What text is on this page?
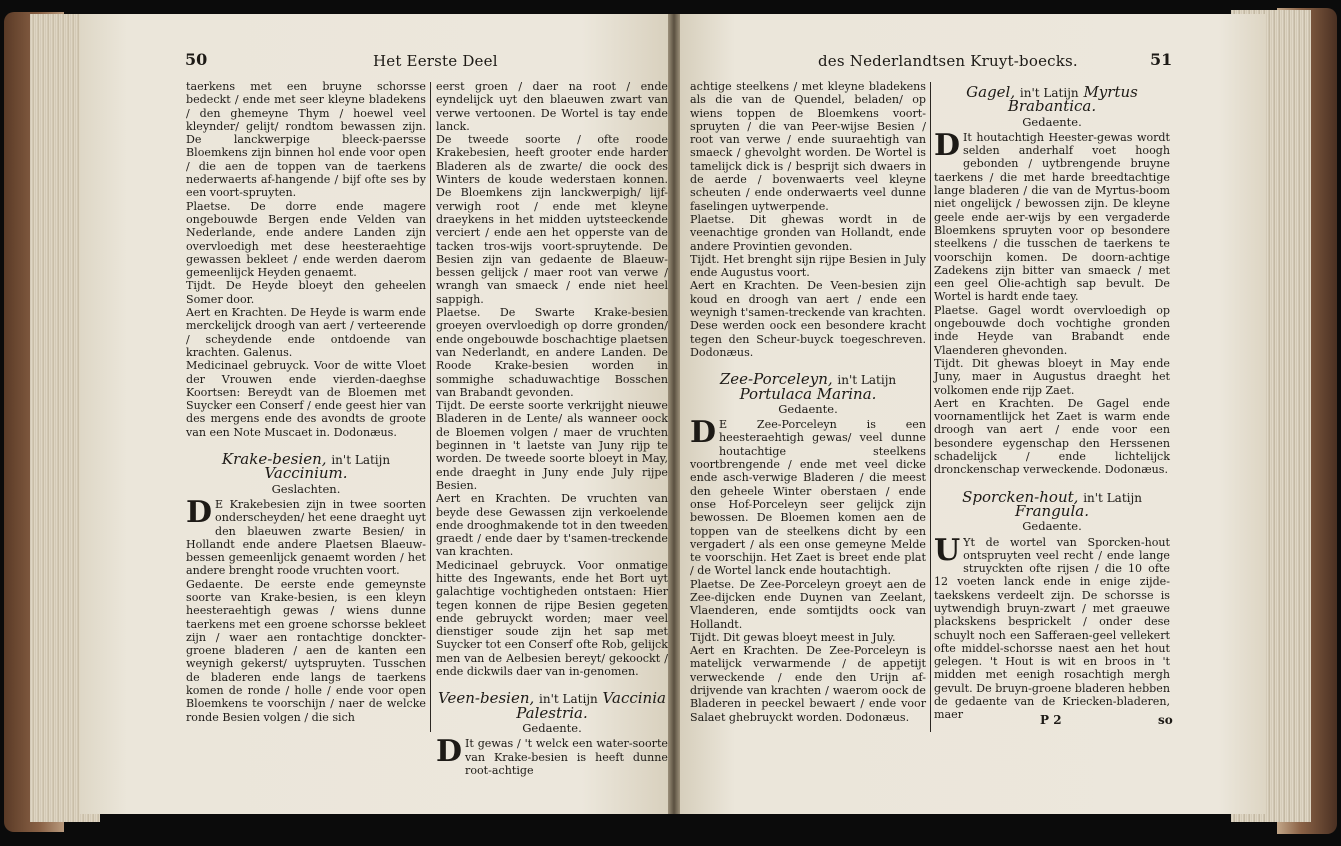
50	Het Eerste Deel	des Nederlandtsen Kruyt-boecks.	51

taerkens met een bruyne schorsse bedeckt / ende met seer kleyne bladekens / den ghemeyne Thym / hoewel veel kleynder/ gelijt/ rondtom bewassen zijn. De lanckwerpige bleeck-paersse Bloemkens zijn binnen hol ende voor open / die aen de toppen van de taerkens nederwaerts af-hangende / bijf ofte ses by een voort-spruyten.

Plaetse. De dorre ende magere ongebouwde Bergen ende Velden van Nederlande, ende andere Landen zijn overvloedigh met dese heesteraehtige gewassen bekleet / ende werden daerom gemeenlijck Heyden genaemt.

Tijdt. De Heyde bloeyt den geheelen Somer door.

Aert en Krachten. De Heyde is warm ende merckelijck droogh van aert / verteerende / scheydende ende ontdoende van krachten. Galenus.

Medicinael gebruyck. Voor de witte Vloet der Vrouwen ende vierden-daeghse Koortsen: Bereydt van de Bloemen met Suycker een Conserf / ende geest hier van des mergens ende des avondts de groote van een Note Muscaet in. Dodonæus.

Krake-besien, in't Latijn Vaccinium.
Geslachten.

D E Krakebesien zijn in twee soorten onderscheyden/ het eene draeght uyt den blaeuwen zwarte Besien/ in Hollandt ende andere Plaetsen Blaeuw-bessen gemeenlijck genaemt worden / het andere brenght roode vruchten voort.

Gedaente. De eerste ende gemeynste soorte van Krake-besien, is een kleyn heesteraehtigh gewas / wiens dunne taerkens met een groene schorsse bekleet zijn / waer aen rontachtige donckter-groene bladeren / aen de kanten een weynigh gekerst/ uytspruyten. Tusschen de bladeren ende langs de taerkens komen de ronde / holle / ende voor open Bloemkens te voorschijn / naer de welcke ronde Besien volgen / die sich

eerst groen / daer na root / ende eyndelijck uyt den blaeuwen zwart van verwe vertoonen. De Wortel is tay ende lanck.

De tweede soorte / ofte roode Krakebesien, heeft grooter ende harder Bladeren als de zwarte/ die oock des Winters de koude wederstaen konnen. De Bloemkens zijn lanckwerpigh/ lijf-verwigh root / ende met kleyne draeykens in het midden uytsteeckende verciert / ende aen het opperste van de tacken tros-wijs voort-spruytende. De Besien zijn van gedaente de Blaeuw-bessen gelijck / maer root van verwe / wrangh van smaeck / ende niet heel sappigh.

Plaetse. De Swarte Krake-besien groeyen overvloedigh op dorre gronden/ ende ongebouwde boschachtige plaetsen van Nederlandt, en andere Landen. De Roode Krake-besien worden in sommighe schaduwachtige Bosschen van Brabandt gevonden.

Tijdt. De eerste soorte verkrijght nieuwe Bladeren in de Lente/ als wanneer oock de Bloemen volgen / maer de vruchten beginnen in 't laetste van Juny rijp te worden. De tweede soorte bloeyt in May, ende draeght in Juny ende July rijpe Besien.

Aert en Krachten. De vruchten van beyde dese Gewassen zijn verkoelende ende drooghmakende tot in den tweeden graedt / ende daer by t'samen-treckende van krachten.

Medicinael gebruyck. Voor onmatige hitte des Ingewants, ende het Bort uyt galachtige vochtigheden ontstaen: Hier tegen konnen de rijpe Besien gegeten ende gebruyckt worden; maer veel dienstiger soude zijn het sap met Suycker tot een Conserf ofte Rob, gelijck men van de Aelbesien bereyt/ gekoockt / ende dickwils daer van in-genomen.

Veen-besien, in't Latijn Vaccinia Palestria.
Gedaente.

D It gewas / 't welck een water-soorte van Krake-besien is heeft dunne root-achtige

achtige steelkens / met kleyne bladekens als die van de Quendel, beladen/ op wiens toppen de Bloemkens voort-spruyten / die van Peer-wijse Besien / root van verwe / ende suuraehtigh van smaeck / ghevolght worden. De Wortel is tamelijck dick is / besprijt sich dwaers in de aerde / bovenwaerts veel kleyne scheuten / ende onderwaerts veel dunne faselingen uytwerpende.

Plaetse. Dit ghewas wordt in de veenachtige gronden van Hollandt, ende andere Provintien gevonden.

Tijdt. Het brenght sijn rijpe Besien in July ende Augustus voort.

Aert en Krachten. De Veen-besien zijn koud en droogh van aert / ende een weynigh t'samen-treckende van krachten. Dese werden oock een besondere kracht tegen den Scheur-buyck toegeschreven. Dodonæus.

Zee-Porceleyn, in't Latijn Portulaca Marina.
Gedaente.

D E Zee-Porceleyn is een heesteraehtigh gewas/ veel dunne houtachtige steelkens voortbrengende / ende met veel dicke ende asch-verwige Bladeren / die meest den geheele Winter oberstaen / ende onse Hof-Porceleyn seer gelijck zijn bewossen. De Bloemen komen aen de toppen van de steelkens dicht by een vergadert / als een onse gemeyne Melde te voorschijn. Het Zaet is breet ende plat / de Wortel lanck ende houtachtigh.

Plaetse. De Zee-Porceleyn groeyt aen de Zee-dijcken ende Duynen van Zeelant, Vlaenderen, ende somtijdts oock van Hollandt.

Tijdt. Dit gewas bloeyt meest in July.

Aert en Krachten. De Zee-Porceleyn is matelijck verwarmende / de appetijt verweckende / ende den Urijn af-drijvende van krachten / waerom oock de Bladeren in peeckel bewaert / ende voor Salaet ghebruyckt worden. Dodonæus.

Gagel, in't Latijn Myrtus Brabantica.
Gedaente.

D It houtachtigh Heester-gewas wordt selden anderhalf voet hoogh gebonden / uytbrengende bruyne taerkens / die met harde breedtachtige lange bladeren / die van de Myrtus-boom niet ongelijck / bewossen zijn. De kleyne geele ende aer-wijs by een vergaderde Bloemkens spruyten voor op besondere steelkens / die tusschen de taerkens te voorschijn komen. De doorn-achtige Zadekens zijn bitter van smaeck / met een geel Olie-achtigh sap bevult. De Wortel is hardt ende taey.

Plaetse. Gagel wordt overvloedigh op ongebouwde doch vochtighe gronden inde Heyde van Brabandt ende Vlaenderen ghevonden.

Tijdt. Dit ghewas bloeyt in May ende Juny, maer in Augustus draeght het volkomen ende rijp Zaet.

Aert en Krachten. De Gagel ende voornamentlijck het Zaet is warm ende droogh van aert / ende voor een besondere eygenschap den Herssenen schadelijck / ende lichtelijck dronckenschap verweckende. Dodonæus.

Sporcken-hout, in't Latijn Frangula.
Gedaente.

U Yt de wortel van Sporcken-hout ontspruyten veel recht / ende lange struyckten ofte rijsen / die 10 ofte 12 voeten lanck ende in enige zijde-taekskens verdeelt zijn. De schorsse is uytwendigh bruyn-zwart / met graeuwe plackskens besprickelt / onder dese schuylt noch een Safferaen-geel vellekert ofte middel-schorsse naest aen het hout gelegen. 't Hout is wit en broos in 't midden met eenigh rosachtigh mergh gevult. De bruyn-groene bladeren hebben de gedaente van de Kriecken-bladeren, maer	P 2	so
